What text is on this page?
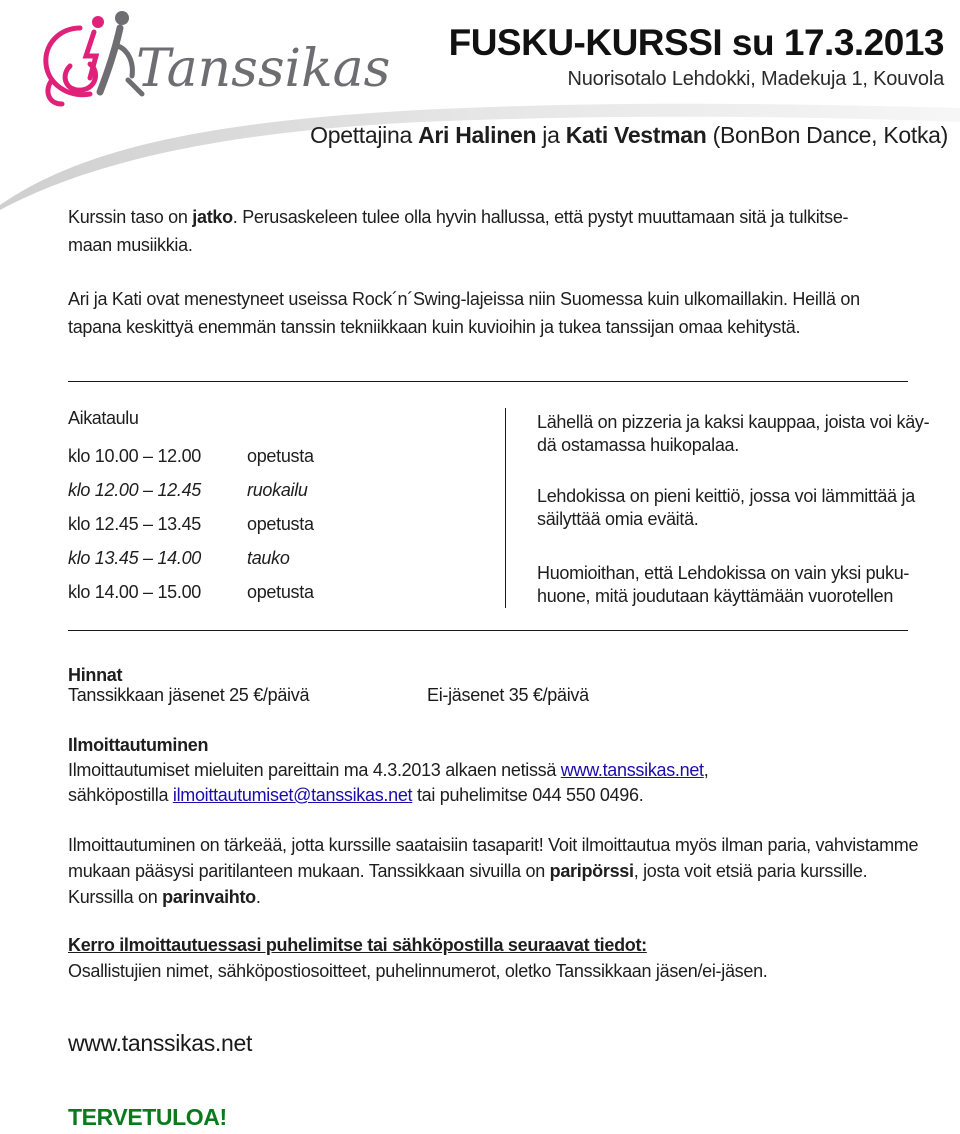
Tanssikas FUSKU-KURSSI su 17.3.2013
Nuorisotalo Lehdokki, Madekuja 1, Kouvola
Opettajina Ari Halinen ja Kati Vestman (BonBon Dance, Kotka)
Kurssin taso on jatko. Perusaskeleen tulee olla hyvin hallussa, että pystyt muuttamaan sitä ja tulkitse-
maan musiikkia.
Ari ja Kati ovat menestyneet useissa Rock´n´Swing-lajeissa niin Suomessa kuin ulkomaillakin. Heillä on
tapana keskittyä enemmän tanssin tekniikkaan kuin kuvioihin ja tukea tanssijan omaa kehitystä.
Aikataulu
klo 10.00 – 12.00	opetusta
klo 12.00 – 12.45	ruokailu
klo 12.45 – 13.45	opetusta
klo 13.45 – 14.00	tauko
klo 14.00 – 15.00	opetusta
Lähellä on pizzeria ja kaksi kauppaa, joista voi käy-
dä ostamassa huikopalaa.
Lehdokissa on pieni keittiö, jossa voi lämmittää ja
säilyttää omia eväitä.
Huomioithan, että Lehdokissa on vain yksi puku-
huone, mitä joudutaan käyttämään vuorotellen
Hinnat
Tanssikkaan jäsenet 25 €/päivä	Ei-jäsenet 35 €/päivä
Ilmoittautuminen
Ilmoittautumiset mieluiten pareittain ma 4.3.2013 alkaen netissä www.tanssikas.net,
sähköpostilla ilmoittautumiset@tanssikas.net tai puhelimitse 044 550 0496.
Ilmoittautuminen on tärkeää, jotta kurssille saataisiin tasaparit! Voit ilmoittautua myös ilman paria, vahvistamme
mukaan pääsysi paritilanteen mukaan. Tanssikkaan sivuilla on paripörssi, josta voit etsiä paria kurssille.
Kurssilla on parinvaihto.
Kerro ilmoittautuessasi puhelimitse tai sähköpostilla seuraavat tiedot:
Osallistujien nimet, sähköpostiosoitteet, puhelinnumerot, oletko Tanssikkaan jäsen/ei-jäsen.
www.tanssikas.net
TERVETULOA!
